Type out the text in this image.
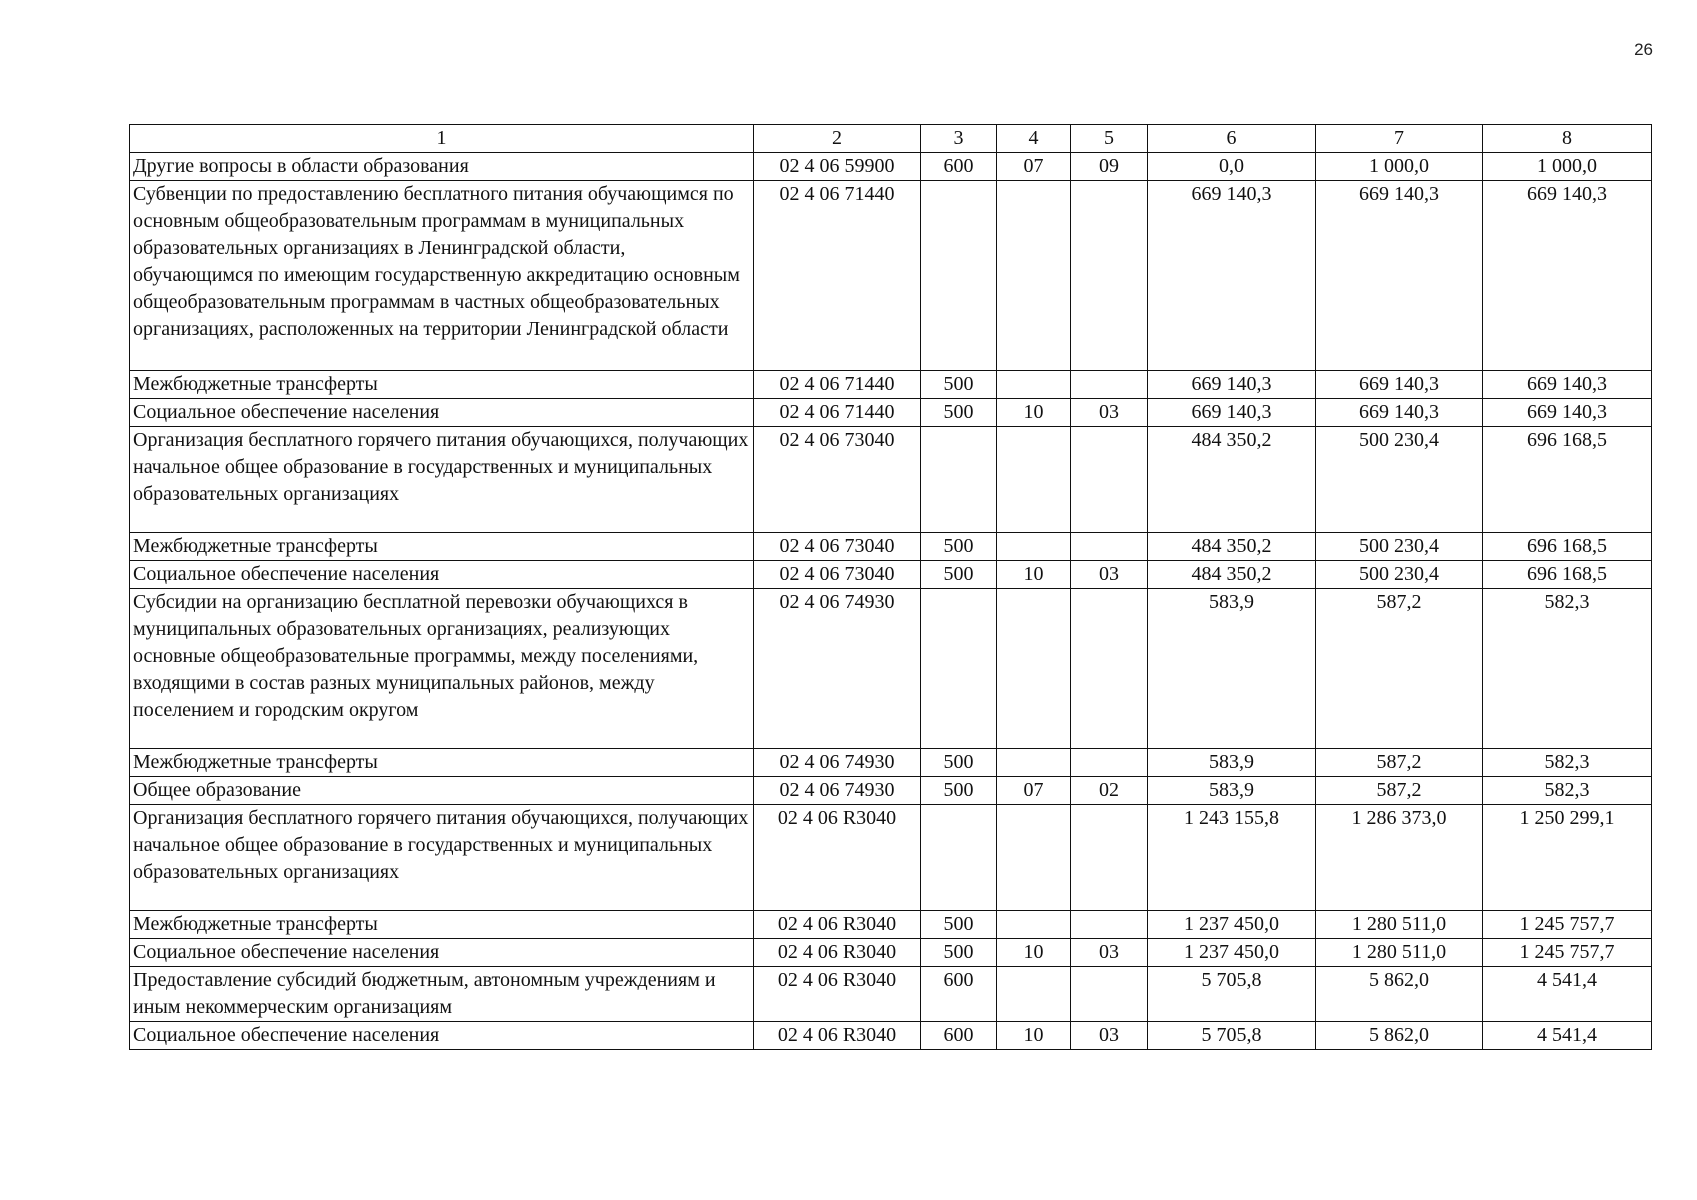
26
1	2	3	4	5	6	7	8
Другие вопросы в области образования	02 4 06 59900	600	07	09	0,0	1 000,0	1 000,0
Субвенции по предоставлению бесплатного питания обучающимся по основным общеобразовательным программам в муниципальных образовательных организациях в Ленинградской области, обучающимся по имеющим государственную аккредитацию основным общеобразовательным программам в частных общеобразовательных организациях, расположенных на территории Ленинградской области	02 4 06 71440				669 140,3	669 140,3	669 140,3
Межбюджетные трансферты	02 4 06 71440	500			669 140,3	669 140,3	669 140,3
Социальное обеспечение населения	02 4 06 71440	500	10	03	669 140,3	669 140,3	669 140,3
Организация бесплатного горячего питания обучающихся, получающих начальное общее образование в государственных и муниципальных образовательных организациях	02 4 06 73040				484 350,2	500 230,4	696 168,5
Межбюджетные трансферты	02 4 06 73040	500			484 350,2	500 230,4	696 168,5
Социальное обеспечение населения	02 4 06 73040	500	10	03	484 350,2	500 230,4	696 168,5
Субсидии на организацию бесплатной перевозки обучающихся в муниципальных образовательных организациях, реализующих основные общеобразовательные программы, между поселениями, входящими в состав разных муниципальных районов, между поселением и городским округом	02 4 06 74930				583,9	587,2	582,3
Межбюджетные трансферты	02 4 06 74930	500			583,9	587,2	582,3
Общее образование	02 4 06 74930	500	07	02	583,9	587,2	582,3
Организация бесплатного горячего питания обучающихся, получающих начальное общее образование в государственных и муниципальных образовательных организациях	02 4 06 R3040				1 243 155,8	1 286 373,0	1 250 299,1
Межбюджетные трансферты	02 4 06 R3040	500			1 237 450,0	1 280 511,0	1 245 757,7
Социальное обеспечение населения	02 4 06 R3040	500	10	03	1 237 450,0	1 280 511,0	1 245 757,7
Предоставление субсидий бюджетным, автономным учреждениям и иным некоммерческим организациям	02 4 06 R3040	600			5 705,8	5 862,0	4 541,4
Социальное обеспечение населения	02 4 06 R3040	600	10	03	5 705,8	5 862,0	4 541,4
